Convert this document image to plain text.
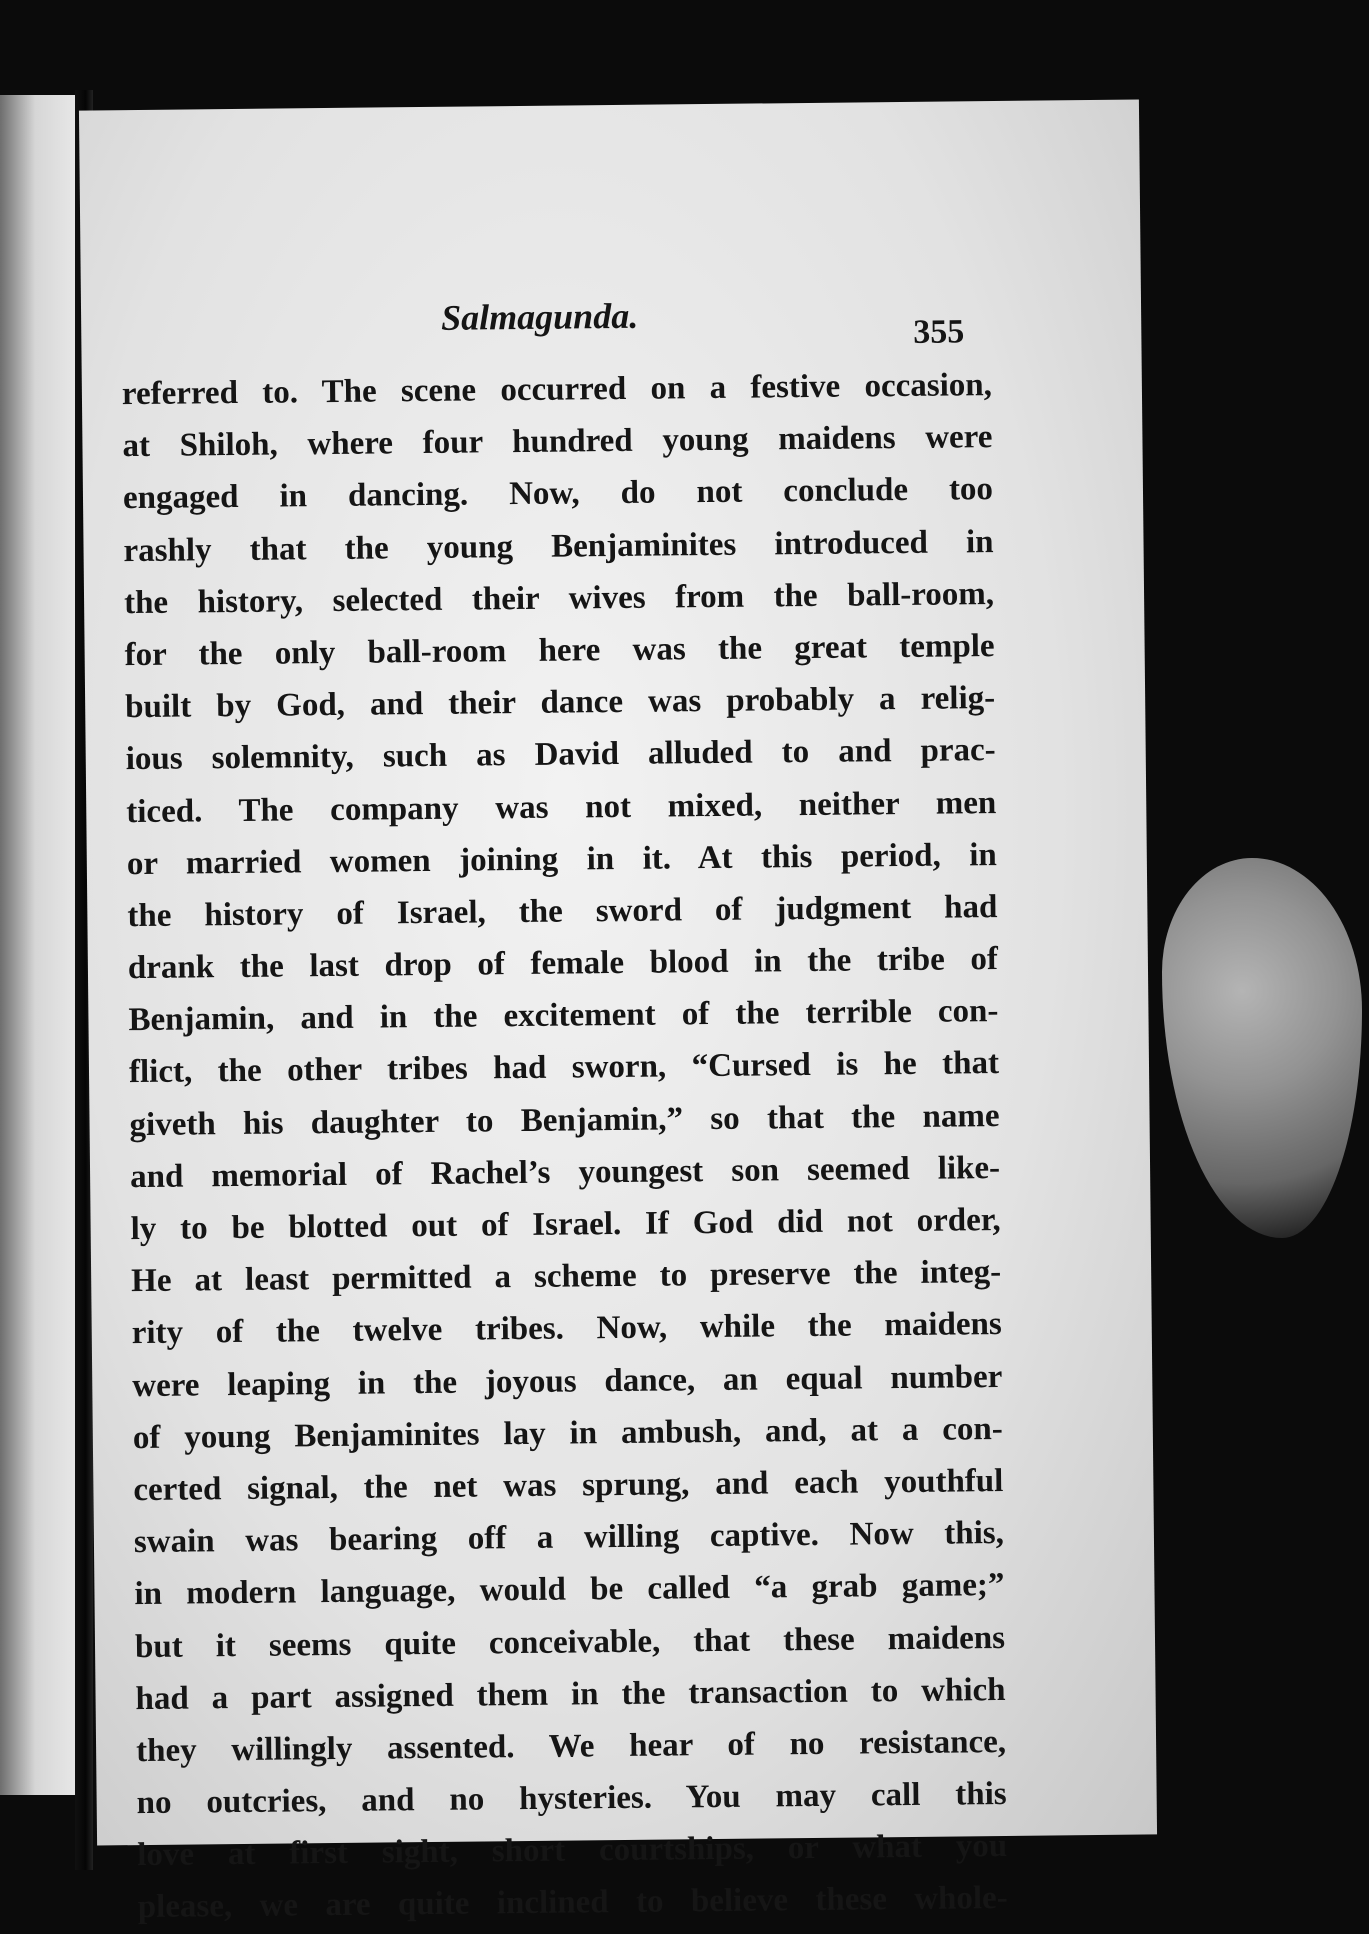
Salmagunda.	355
referred to. The scene occurred on a festive occasion,
at Shiloh, where four hundred young maidens were
engaged in dancing. Now, do not conclude too
rashly that the young Benjaminites introduced in
the history, selected their wives from the ball-room,
for the only ball-room here was the great temple
built by God, and their dance was probably a relig-
ious solemnity, such as David alluded to and prac-
ticed. The company was not mixed, neither men
or married women joining in it. At this period, in
the history of Israel, the sword of judgment had
drank the last drop of female blood in the tribe of
Benjamin, and in the excitement of the terrible con-
flict, the other tribes had sworn, “Cursed is he that
giveth his daughter to Benjamin,” so that the name
and memorial of Rachel’s youngest son seemed like-
ly to be blotted out of Israel. If God did not order,
He at least permitted a scheme to preserve the integ-
rity of the twelve tribes. Now, while the maidens
were leaping in the joyous dance, an equal number
of young Benjaminites lay in ambush, and, at a con-
certed signal, the net was sprung, and each youthful
swain was bearing off a willing captive. Now this,
in modern language, would be called “a grab game;”
but it seems quite conceivable, that these maidens
had a part assigned them in the transaction to which
they willingly assented. We hear of no resistance,
no outcries, and no hysteries. You may call this
love at first sight, short courtships, or what you
please, we are quite inclined to believe these whole-
